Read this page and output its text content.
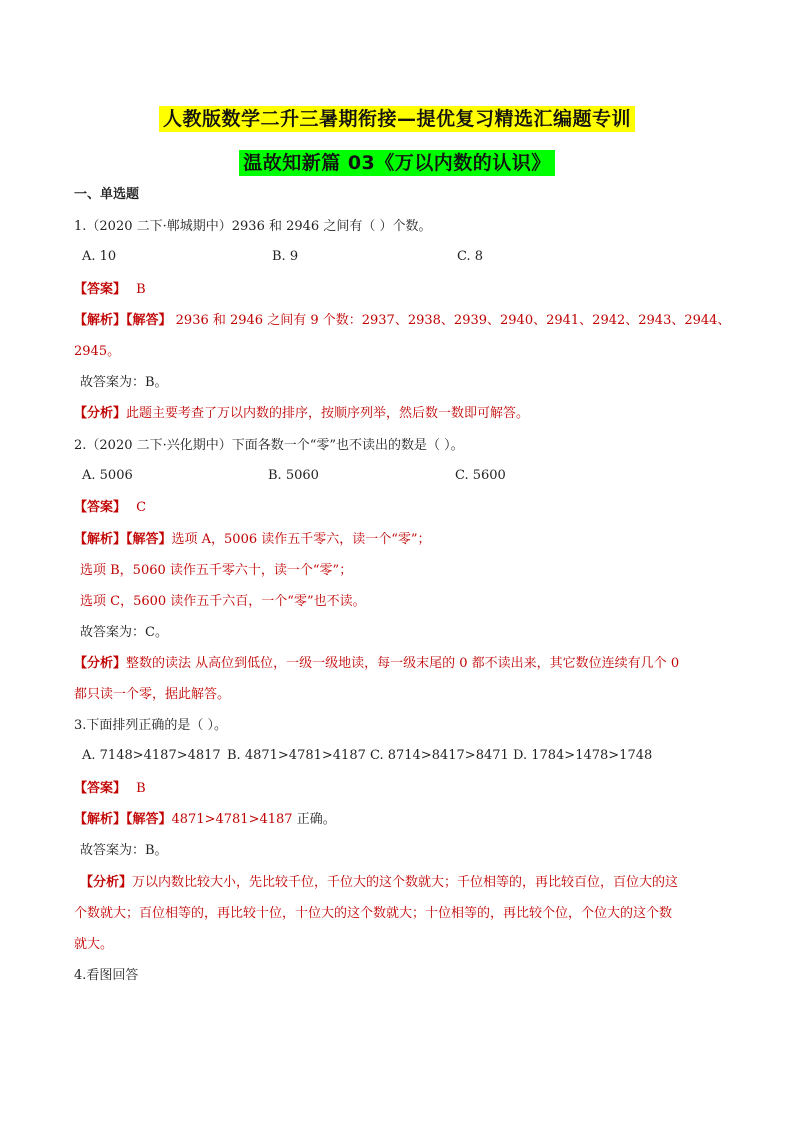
人教版数学二升三暑期衔接—提优复习精选汇编题专训
温故知新篇 03《万以内数的认识》
一、单选题
1.（2020 二下·郸城期中）2936 和 2946 之间有（ ）个数。
A. 10	B. 9	C. 8
【答案】 B
【解析】【解答】 2936 和 2946 之间有 9 个数：2937、2938、2939、2940、2941、2942、2943、2944、
2945。
故答案为：B。
【分析】此题主要考查了万以内数的排序，按顺序列举，然后数一数即可解答。
2.（2020 二下·兴化期中）下面各数一个“零”也不读出的数是（ ）。
A. 5006	B. 5060	C. 5600
【答案】 C
【解析】【解答】选项 A，5006 读作五千零六，读一个“零”；
选项 B，5060 读作五千零六十，读一个“零”；
选项 C，5600 读作五千六百，一个“零”也不读。
故答案为：C。
【分析】整数的读法 从高位到低位，一级一级地读，每一级末尾的 0 都不读出来，其它数位连续有几个 0
都只读一个零，据此解答。
3.下面排列正确的是（ ）。
A. 7148>4187>4817 B. 4871>4781>4187 C. 8714>8417>8471 D. 1784>1478>1748
【答案】 B
【解析】【解答】4871>4781>4187 正确。
故答案为：B。
【分析】万以内数比较大小，先比较千位，千位大的这个数就大；千位相等的，再比较百位，百位大的这
个数就大；百位相等的，再比较十位，十位大的这个数就大；十位相等的，再比较个位，个位大的这个数
就大。
4.看图回答
